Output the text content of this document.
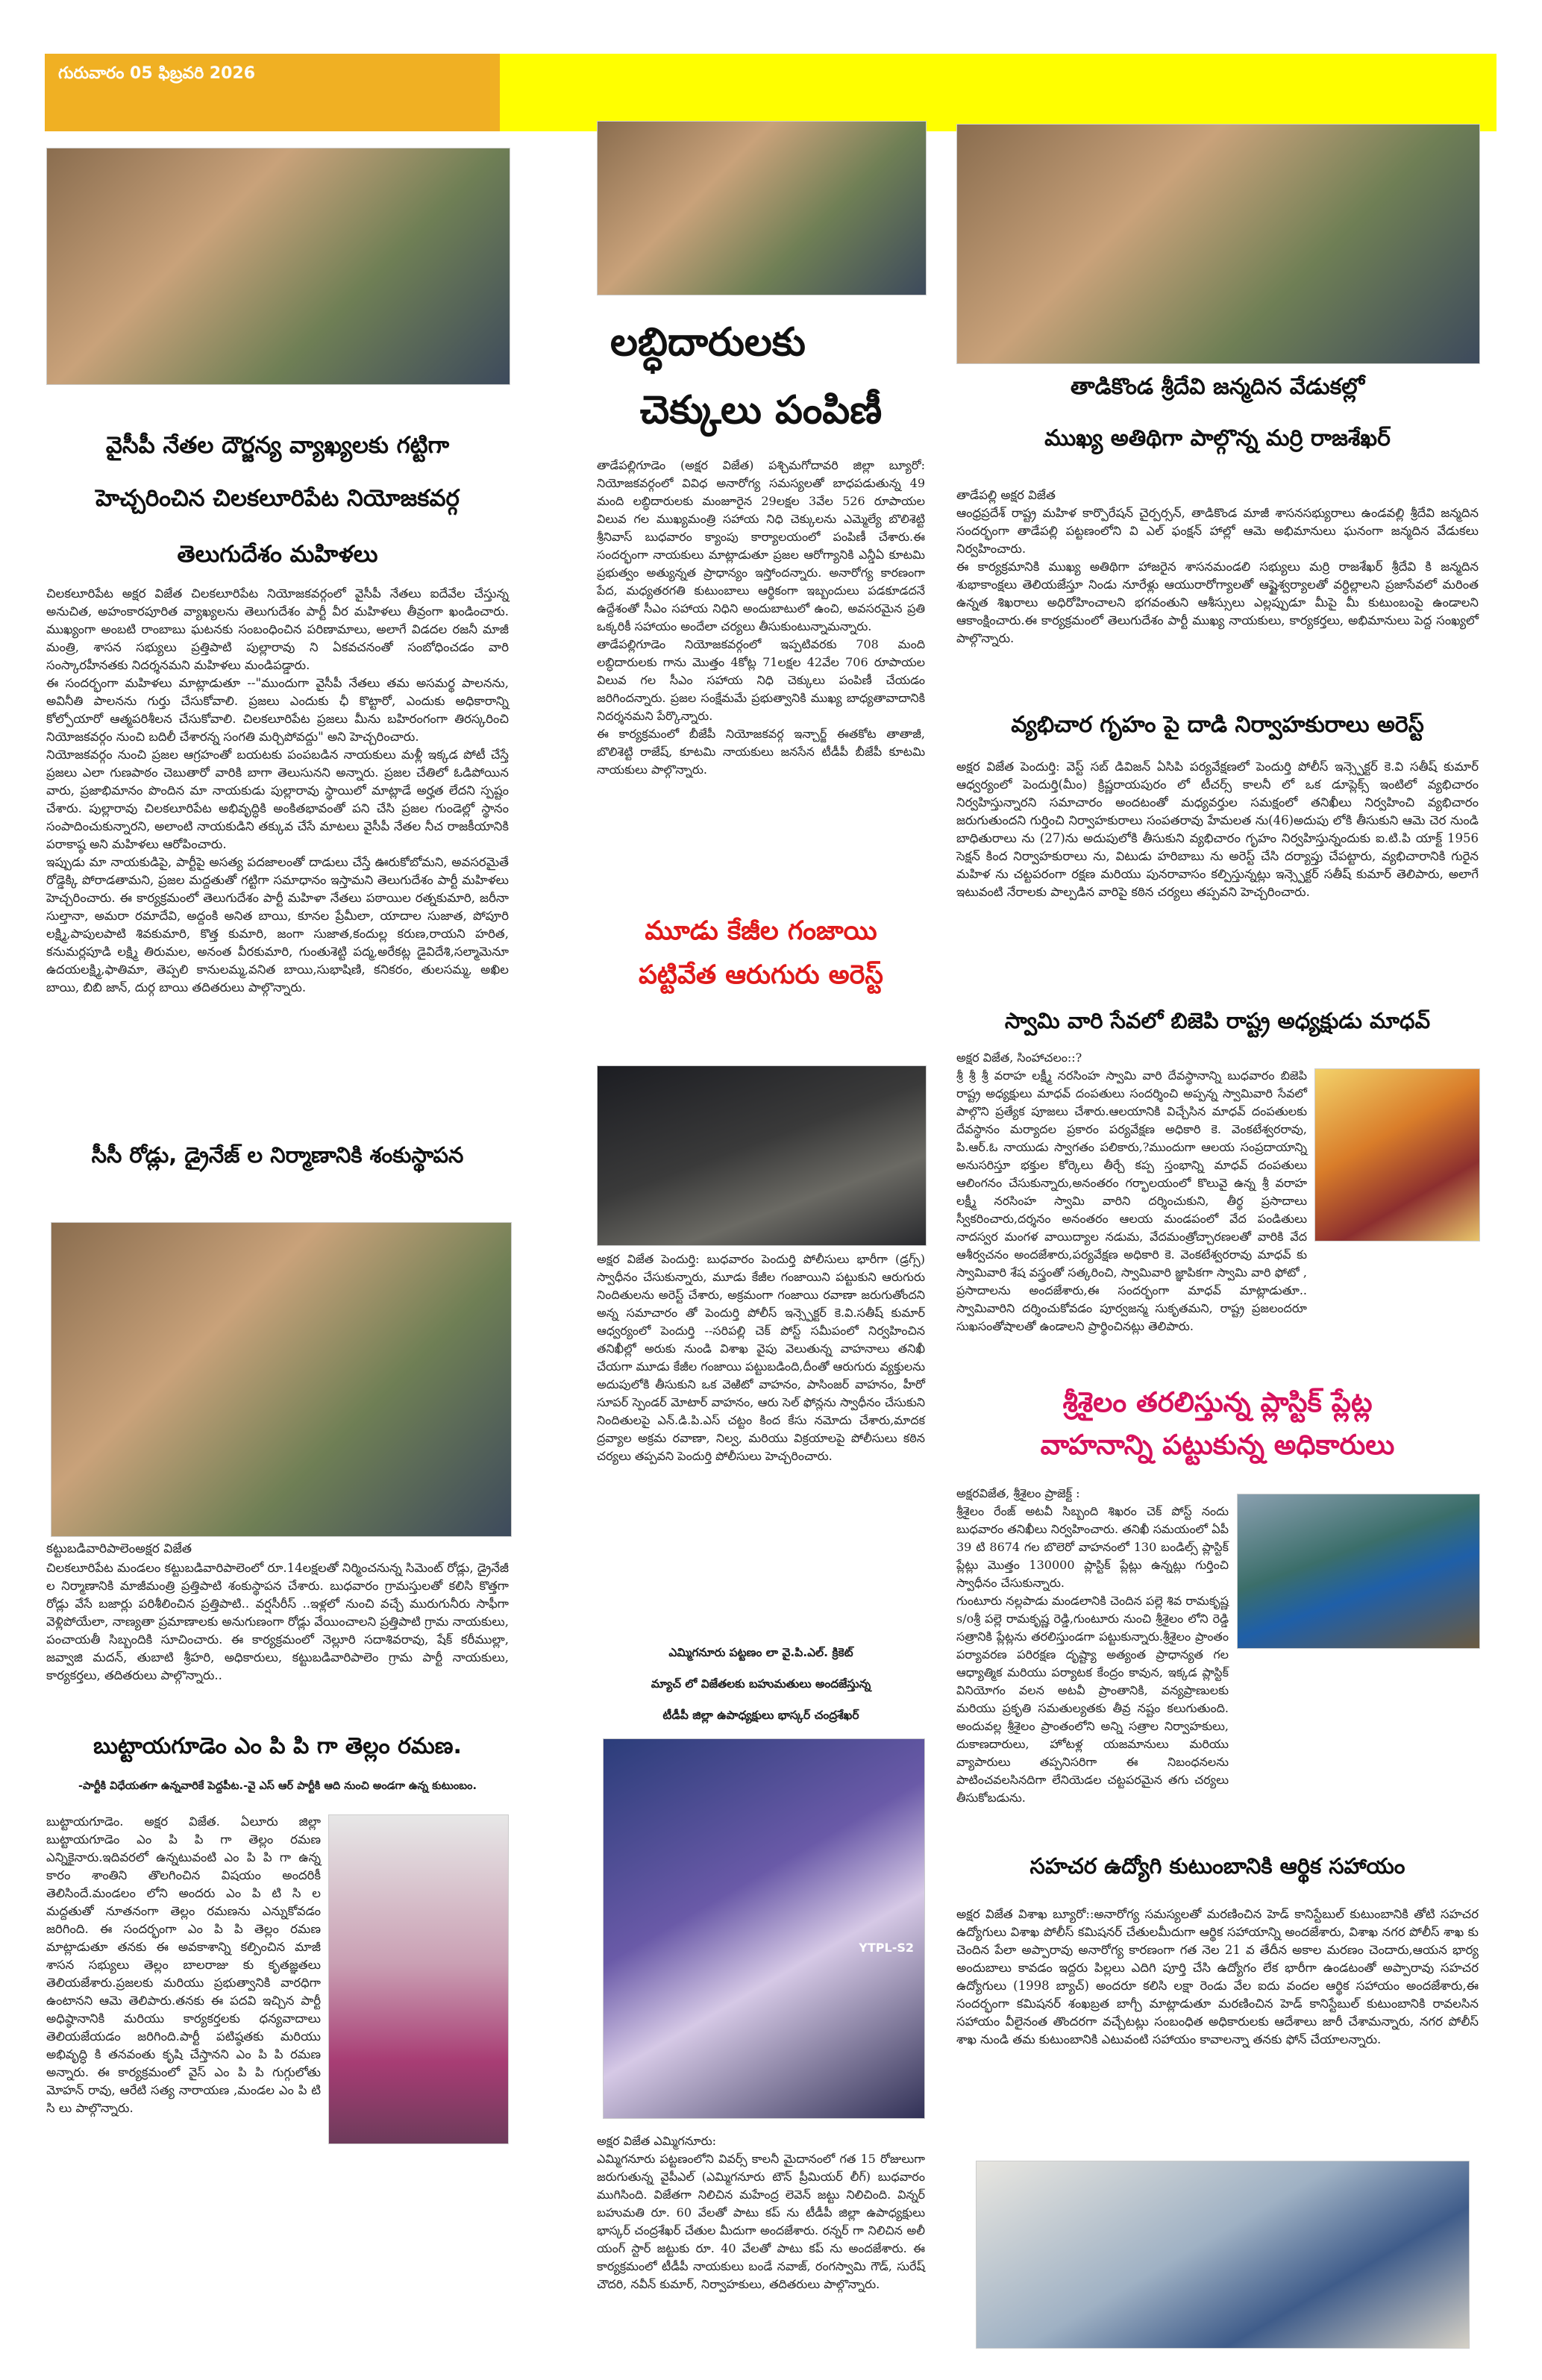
గురువారం 05 ఫిబ్రవరి 2026
వైసీపీ నేతల దౌర్జన్య వ్యాఖ్యలకు గట్టిగా
హెచ్చరించిన చిలకలూరిపేట నియోజకవర్గ
తెలుగుదేశం మహిళలు
చిలకలూరిపేట అక్షర విజేత చిలకలూరిపేట నియోజకవర్గంలో వైసీపీ నేతలు ఐదేవేల చేస్తున్న అనుచిత, అహంకారపూరిత వ్యాఖ్యలను తెలుగుదేశం పార్టీ వీర మహిళలు తీవ్రంగా ఖండించారు. ముఖ్యంగా అంబటి రాంబాబు ఘటనకు సంబంధించిన పరిణామాలు, అలాగే విడదల రజనీ మాజీ మంత్రి, శాసన సభ్యులు ప్రత్తిపాటి పుల్లారావు ని ఏకవచనంతో సంబోధించడం వారి సంస్కారహీనతకు నిదర్శనమని మహిళలు మండిపడ్డారు.
ఈ సందర్భంగా మహిళలు మాట్లాడుతూ --"ముందుగా వైసీపీ నేతలు తమ అసమర్థ పాలనను, అవినీతి పాలనను గుర్తు చేసుకోవాలి. ప్రజలు ఎందుకు ఛీ కొట్టారో, ఎందుకు అధికారాన్ని కోల్పోయారో ఆత్మపరిశీలన చేసుకోవాలి. చిలకలూరిపేట ప్రజలు మీను బహిరంగంగా తిరస్కరించి నియోజకవర్గం నుంచి బదిలీ చేశారన్న సంగతి మర్చిపోవద్దు" అని హెచ్చరించారు.
నియోజకవర్గం నుంచి ప్రజల ఆగ్రహంతో బయటకు పంపబడిన నాయకులు మళ్లీ ఇక్కడ పోటీ చేస్తే ప్రజలు ఎలా గుణపాఠం చెబుతారో వారికి బాగా తెలుసునని అన్నారు. ప్రజల చేతిలో ఓడిపోయిన వారు, ప్రజాభిమానం పొందిన మా నాయకుడు పుల్లారావు స్థాయిలో మాట్లాడే అర్హత లేదని స్పష్టం చేశారు. పుల్లారావు చిలకలూరిపేట అభివృద్ధికి అంకితభావంతో పని చేసి ప్రజల గుండెల్లో స్థానం సంపాదించుకున్నారని, అలాంటి నాయకుడిని తక్కువ చేసే మాటలు వైసీపీ నేతల నీచ రాజకీయానికి పరాకాష్ఠ అని మహిళలు ఆరోపించారు.
ఇప్పుడు మా నాయకుడిపై, పార్టీపై అసత్య పదజాలంతో దాడులు చేస్తే ఊరుకోబోమని, అవసరమైతే రోడ్డెక్కి పోరాడతామని, ప్రజల మద్దతుతో గట్టిగా సమాధానం ఇస్తామని తెలుగుదేశం పార్టీ మహిళలు హెచ్చరించారు. ఈ కార్యక్రమంలో తెలుగుదేశం పార్టీ మహిళా నేతలు పఠాయిల రత్నకుమారి, జరీనా సుల్తానా, అమరా రమాదేవి, అద్దంకి అనిత బాయి, కూనల ప్రేమీలా, యాదాల సుజాత, పోపూరి లక్ష్మి,పాపులపాటి శివకుమారి, కొత్త కుమారి, జంగా సుజాత,కందుల్ల కరుణ,రాయని హరిత, కనుమర్లపూడి లక్ష్మి తిరుమల, అనంత వీరకుమారి, గుంతుశెట్టి పద్మ,అరేకట్ల డైవిదేశి,సల్మామెనూ ఉదయలక్ష్మి,ఫాతిమా, తెప్పలి కానులమ్మ,వనిత బాయి,సుభాషిణి, కనికరం, తులసమ్మ, అఖిల బాయి, బిబి జాన్, దుర్గ బాయి తదితరులు పాల్గొన్నారు.
సీసీ రోడ్లు, డ్రైనేజ్ ల నిర్మాణానికి శంకుస్థాపన
కట్టుబడివారిపాలెంఅక్షర విజేత
చిలకలూరిపేట మండలం కట్టుబడివారిపాలెంలో రూ.14లక్షలతో నిర్మించనున్న సిమెంట్ రోడ్లు, డ్రైనేజీ ల నిర్మాణానికి మాజీమంత్రి ప్రత్తిపాటి శంకుస్థాపన చేశారు. బుధవారం గ్రామస్తులతో కలిసి కొత్తగా రోడ్లు వేసే బజార్లు పరిశీలించిన ప్రత్తిపాటి.. వర్షసీరీస్‌ ..ఇళ్లలో నుంచి వచ్చే మురుగునీరు సాఫీగా వెళ్లిపోయేలా, నాణ్యతా ప్రమాణాలకు అనుగుణంగా రోడ్లు వేయించాలని ప్రత్తిపాటి గ్రామ నాయకులు, పంచాయతీ సిబ్బందికి సూచించారు. ఈ కార్యక్రమంలో నెల్లూరి సదాశివరావు, షేక్ కరీముల్లా, జవ్వాజి మదన్, తుబాటి శ్రీహరి, అధికారులు, కట్టుబడివారిపాలెం గ్రామ పార్టీ నాయకులు, కార్యకర్తలు, తదితరులు పాల్గొన్నారు..
బుట్టాయగూడెం ఎం పి పి గా తెల్లం రమణ.
-పార్టీకి విధేయతగా ఉన్నవారికే పెద్దపీట.-వై ఎస్ ఆర్ పార్టీకి ఆది నుంచి అండగా ఉన్న కుటుంబం.
బుట్టాయగూడెం. అక్షర విజేత. ఏలూరు జిల్లా బుట్టాయగూడెం ఎం పి పి గా తెల్లం రమణ ఎన్నికైనారు.ఇదివరలో ఉన్నటువంటి ఎం పి పి గా ఉన్న కారం శాంతిని తొలగించిన విషయం అందరికీ తెలిసిందే.మండలం లోని అందరు ఎం పి టి సి ల మద్దతుతో నూతనంగా తెల్లం రమణను ఎన్నుకోవడం జరిగింది. ఈ సందర్భంగా ఎం పి పి తెల్లం రమణ మాట్లాడుతూ తనకు ఈ అవకాశాన్ని కల్పించిన మాజీ శాసన సభ్యులు తెల్లం బాలరాజు కు కృతజ్ఞతలు తెలియజేశారు.ప్రజలకు మరియు ప్రభుత్వానికి వారధిగా ఉంటానని ఆమె తెలిపారు.తనకు ఈ పదవి ఇచ్చిన పార్టీ అధిష్ఠానానికి మరియు కార్యకర్తలకు ధన్యవాదాలు తెలియజేయడం జరిగింది.పార్టీ పటిష్ఠతకు మరియు అభివృద్ధి కి తనవంతు కృషి చేస్తానని ఎం పి పి రమణ అన్నారు. ఈ కార్యక్రమంలో వైస్ ఎం పి పి గుగ్గులోతు మోహన్ రావు, ఆరేటి సత్య నారాయణ ,మండల ఎం పి టి సి లు పాల్గొన్నారు.
లబ్ధిదారులకు
చెక్కులు పంపిణీ
తాడేపల్లిగూడెం (అక్షర విజేత) పశ్చిమగోదావరి జిల్లా బ్యూరో: నియోజకవర్గంలో వివిధ అనారోగ్య సమస్యలతో బాధపడుతున్న 49 మంది లబ్ధిదారులకు మంజూరైన 29లక్షల 3వేల 526 రూపాయల విలువ గల ముఖ్యమంత్రి సహాయ నిధి చెక్కులను ఎమ్మెల్యే బొలిశెట్టి శ్రీనివాస్ బుధవారం క్యాంపు కార్యాలయంలో పంపిణీ చేశారు.ఈ సందర్భంగా నాయకులు మాట్లాడుతూ ప్రజల ఆరోగ్యానికి ఎన్డీఏ కూటమి ప్రభుత్వం అత్యున్నత ప్రాధాన్యం ఇస్తోందన్నారు. అనారోగ్య కారణంగా పేద, మధ్యతరగతి కుటుంబాలు ఆర్థికంగా ఇబ్బందులు పడకూడదనే ఉద్దేశంతో సీఎం సహాయ నిధిని అందుబాటులో ఉంచి, అవసరమైన ప్రతి ఒక్కరికీ సహాయం అందేలా చర్యలు తీసుకుంటున్నామన్నారు.
తాడేపల్లిగూడెం నియోజకవర్గంలో ఇప్పటివరకు 708 మంది లబ్ధిదారులకు గాను మొత్తం 4కోట్ల 71లక్షల 42వేల 706 రూపాయల విలువ గల సీఎం సహాయ నిధి చెక్కులు పంపిణీ చేయడం జరిగిందన్నారు. ప్రజల సంక్షేమమే ప్రభుత్వానికి ముఖ్య బాధ్యతావాదానికి నిదర్శనమని పేర్కొన్నారు.
ఈ కార్యక్రమంలో బీజేపీ నియోజకవర్గ ఇన్చార్జ్ ఈతకోట తాతాజీ, బొలిశెట్టి రాజేష్, కూటమి నాయకులు జనసేన టీడీపీ బీజేపీ కూటమి నాయకులు పాల్గొన్నారు.
మూడు కేజీల గంజాయి
పట్టివేత ఆరుగురు అరెస్ట్
అక్షర విజేత పెందుర్తి: బుధవారం పెందుర్తి పోలీసులు భారీగా (డ్రగ్స్) స్వాధీనం చేసుకున్నారు, మూడు కేజీల గంజాయిని పట్టుకుని ఆరుగురు నిందితులను అరెస్ట్ చేశారు, అక్రమంగా గంజాయి రవాణా జరుగుతోందని అన్న సమాచారం తో పెందుర్తి పోలీస్ ఇన్స్పెక్టర్ కె.వి.సతీష్ కుమార్ ఆధ్వర్యంలో పెందుర్తి --సరిపల్లి చెక్ పోస్ట్ సమీపంలో నిర్వహించిన తనిఖీల్లో అరుకు నుండి విశాఖ వైపు వెలుతున్న వాహనాలు తనిఖీ చేయగా మూడు కేజీల గంజాయి పట్టుబడింది,దీంతో ఆరుగురు వ్యక్తులను అదుపులోకి తీసుకుని ఒక వెఱిటో వాహనం, పాసింజర్ వాహనం, హీరో సూపర్ స్పెండర్ మోటార్ వాహనం, ఆరు సెల్ ఫోన్లను స్వాధీనం చేసుకుని నిందితులపై ఎన్.డి.పి.ఎస్ చట్టం కింద కేసు నమోదు చేశారు,మాదక ద్రవ్యాల అక్రమ రవాణా, నిల్వ, మరియు విక్రయాలపై పోలీసులు కఠిన చర్యలు తప్పవని పెందుర్తి పోలీసులు హెచ్చరించారు.
ఎమ్మిగనూరు పట్టణం లా వై.పి.ఎల్. క్రికెట్
మ్యాచ్ లో విజేతలకు బహుమతులు అందజేస్తున్న
టీడీపీ జిల్లా ఉపాధ్యక్షులు భాస్కర్ చంద్రశేఖర్
YTPL-S2
అక్షర విజేత ఎమ్మిగనూరు:
ఎమ్మిగనూరు పట్టణంలోని వివర్స్ కాలనీ మైదానంలో గత 15 రోజులుగా జరుగుతున్న వైపీఎల్ (ఎమ్మిగనూరు టౌన్ ప్రీమియర్ లీగ్) బుధవారం ముగిసింది. విజేతగా నిలిచిన మహేంద్ర లెవెన్ జట్టు నిలిచింది. విన్నర్ బహుమతి రూ. 60 వేలతో పాటు కప్ ను టీడీపీ జిల్లా ఉపాధ్యక్షులు భాస్కర్ చంద్రశేఖర్ చేతుల మీదుగా అందజేశారు. రన్నర్ గా నిలిచిన అలీ యంగ్ స్టార్ జట్టుకు రూ. 40 వేలతో పాటు కప్ ను అందజేశారు. ఈ కార్యక్రమంలో టీడీపీ నాయకులు బండే నవాజ్, రంగస్వామి గౌడ్, సురేష్ చౌదరి, నవీన్ కుమార్, నిర్వాహకులు, తదితరులు పాల్గొన్నారు.
తాడికొండ శ్రీదేవి జన్మదిన వేడుకల్లో
ముఖ్య అతిథిగా పాల్గొన్న మర్రి రాజశేఖర్
తాడేపల్లి అక్షర విజేత
ఆంధ్రప్రదేశ్ రాష్ట్ర మహిళ కార్పొరేషన్ చైర్పర్సన్, తాడికొండ మాజీ శాసనసభ్యురాలు ఉండవల్లి శ్రీదేవి జన్మదిన సందర్భంగా తాడేపల్లి పట్టణంలోని వి ఎల్ ఫంక్షన్ హాల్లో ఆమె అభిమానులు ఘనంగా జన్మదిన వేడుకలు నిర్వహించారు.
ఈ కార్యక్రమానికి ముఖ్య అతిథిగా హాజరైన శాసనమండలి సభ్యులు మర్రి రాజశేఖర్ శ్రీదేవి కి జన్మదిన శుభాకాంక్షలు తెలియజేస్తూ నిండు నూరేళ్లు ఆయురారోగ్యాలతో ఆష్టైశ్వర్యాలతో వర్ధిల్లాలని ప్రజాసేవలో మరింత ఉన్నత శిఖరాలు అధిరోహించాలని భగవంతుని ఆశీస్సులు ఎల్లప్పుడూ మీపై మీ కుటుంబంపై ఉండాలని ఆకాంక్షించారు.ఈ కార్యక్రమంలో తెలుగుదేశం పార్టీ ముఖ్య నాయకులు, కార్యకర్తలు, అభిమానులు పెద్ద సంఖ్యలో పాల్గొన్నారు.
వ్యభిచార గృహం పై దాడి నిర్వాహకురాలు అరెస్ట్
అక్షర విజేత పెందుర్తి: వెస్ట్ సబ్ డివిజన్ ఏసిపి పర్యవేక్షణలో పెందుర్తి పోలీస్ ఇన్స్పెక్టర్ కె.వి సతీష్ కుమార్ ఆధ్వర్యంలో పెందుర్తి(మీం) క్రిష్ణరాయపురం లో టీచర్స్ కాలనీ లో ఒక డూప్లెక్స్ ఇంటిలో వ్యభిచారం నిర్వహిస్తున్నారని సమాచారం అందటంతో మధ్యవర్తుల సమక్షంలో తనిఖీలు నిర్వహించి వ్యభిచారం జరుగుతుందని గుర్తించి నిర్వాహకురాలు సంపతరావు హేమలత ను(46)అదుపు లోకి తీసుకుని ఆమె చెర నుండి బాధితురాలు ను (27)ను అదుపులోకి తీసుకుని వ్యభిచారం గృహం నిర్వహిస్తున్నందుకు ఐ.టి.పి యాక్ట్ 1956 సెక్షన్ కింద నిర్వాహకురాలు ను, విటుడు హరిబాబు ను అరెస్ట్ చేసి దర్యాప్తు చేపట్టారు, వ్యభిచారానికి గురైన మహిళ ను చట్టపరంగా రక్షణ మరియు పునరావాసం కల్పిస్తున్నట్లు ఇన్స్పెక్టర్ సతీష్ కుమార్ తెలిపారు, అలాగే ఇటువంటి నేరాలకు పాల్పడిన వారిపై కఠిన చర్యలు తప్పవని హెచ్చరించారు.
స్వామి వారి సేవలో బిజెపి రాష్ట్ర అధ్యక్షుడు మాధవ్
అక్షర విజేత, సింహాచలం::?
శ్రీ శ్రీ శ్రీ వరాహ లక్ష్మీ నరసింహ స్వామి వారి దేవస్థానాన్ని బుధవారం బిజెపి రాష్ట్ర అధ్యక్షులు మాధవ్ దంపతులు సందర్శించి అప్పన్న స్వామివారి సేవలో పాల్గొని ప్రత్యేక పూజలు చేశారు.ఆలయానికి విచ్చేసిన మాధవ్ దంపతులకు దేవస్థానం మర్యాదల ప్రకారం పర్యవేక్షణ అధికారి కె. వెంకటేశ్వరరావు, పి.ఆర్.ఓ నాయుడు స్వాగతం పలికారు,?ముందుగా ఆలయ సంప్రదాయాన్ని అనుసరిస్తూ భక్తుల కోర్కెలు తీర్చే కప్ప స్తంభాన్ని మాధవ్ దంపతులు ఆలింగనం చేసుకున్నారు,అనంతరం గర్భాలయంలో కొలువై ఉన్న శ్రీ వరాహ లక్ష్మీ నరసింహ స్వామి వారిని దర్శించుకుని, తీర్థ ప్రసాదాలు స్వీకరించారు,దర్శనం అనంతరం ఆలయ మండపంలో వేద పండితులు నాదస్వర మంగళ వాయిద్యాల నడుమ, వేదమంత్రోచ్చారణలతో వారికి వేద ఆశీర్వచనం అందజేశారు,పర్యవేక్షణ అధికారి కె. వెంకటేశ్వరరావు మాధవ్ కు స్వామివారి శేష వస్త్రంతో సత్కరించి, స్వామివారి జ్ఞాపికగా స్వామి వారి ఫోటో , ప్రసాదాలను అందజేశారు,ఈ సందర్భంగా మాధవ్ మాట్లాడుతూ.. స్వామివారిని దర్శించుకోవడం పూర్వజన్మ సుకృతమని, రాష్ట్ర ప్రజలందరూ సుఖసంతోషాలతో ఉండాలని ప్రార్థించినట్లు తెలిపారు.
శ్రీశైలం తరలిస్తున్న ప్లాస్టిక్ ప్లేట్ల
వాహనాన్ని పట్టుకున్న అధికారులు
అక్షరవిజేత, శ్రీశైలం ప్రాజెక్ట్ :
శ్రీశైలం రేంజ్ అటవీ సిబ్బంది శిఖరం చెక్ పోస్ట్ నందు బుధవారం తనిఖీలు నిర్వహించారు. తనిఖీ సమయంలో ఏపీ 39 టి 8674 గల బొలెరో వాహనంలో 130 బండిల్స్ ప్లాస్టిక్ ప్లేట్లు మొత్తం 130000 ప్లాస్టిక్ ప్లేట్లు ఉన్నట్లు గుర్తించి స్వాధీనం చేసుకున్నారు.
గుంటూరు నల్లపాడు మండలానికి చెందిన పల్లె శివ రామకృష్ణ s/oశ్రీ పల్లె రామకృష్ణ రెడ్డి,గుంటూరు నుంచి శ్రీశైలం లోని రెడ్డి సత్రానికి ప్లేట్లను తరలిస్తుండగా పట్టుకున్నారు.శ్రీశైలం ప్రాంతం పర్యావరణ పరిరక్షణ దృష్ట్యా అత్యంత ప్రాధాన్యత గల ఆధ్యాత్మిక మరియు పర్యాటక కేంద్రం కావున, ఇక్కడ ప్లాస్టిక్ వినియోగం వలన అటవీ ప్రాంతానికి, వన్యప్రాణులకు మరియు ప్రకృతి సమతుల్యతకు తీవ్ర నష్టం కలుగుతుంది. అందువల్ల శ్రీశైలం ప్రాంతంలోని అన్ని సత్రాల నిర్వాహకులు, దుకాణదారులు, హోటళ్ల యజమానులు మరియు వ్యాపారులు తప్పనిసరిగా ఈ నిబంధనలను పాటించవలసినదిగా లేనియెడల చట్టపరమైన తగు చర్యలు తీసుకోబడును.
సహచర ఉద్యోగి కుటుంబానికి ఆర్థిక సహాయం
అక్షర విజేత విశాఖ బ్యూరో::అనారోగ్య సమస్యలతో మరణించిన హెడ్ కానిస్టేబుల్ కుటుంబానికి తోటి సహచర ఉద్యోగులు విశాఖ పోలీస్ కమిషనర్ చేతులమీదుగా ఆర్థిక సహాయాన్ని అందజేశారు, విశాఖ నగర పోలీస్ శాఖ కు చెందిన పేలా అప్పారావు అనారోగ్య కారణంగా గత నెల 21 వ తేదీన అకాల మరణం చెందారు,ఆయన భార్య అందుబాలు కావడం ఇద్దరు పిల్లలు ఎదిగి పూర్తి చేసి ఉద్యోగం లేక భారీగా ఉండటంతో అప్పారావు సహచర ఉద్యోగులు (1998 బ్యాచ్) అందరూ కలిసి లక్షా రెండు వేల ఐదు వందల ఆర్థిక సహాయం అందజేశారు,ఈ సందర్భంగా కమిషనర్ శంఖబ్రత బాగ్చీ మాట్లాడుతూ మరణించిన హెడ్ కానిస్టేబుల్ కుటుంబానికి రావలసిన సహాయం వీలైనంత తొందరగా వచ్చేటట్లు సంబంధిత అధికారులకు ఆదేశాలు జారీ చేశామన్నారు, నగర పోలీస్ శాఖ నుండి తమ కుటుంబానికి ఎటువంటి సహాయం కావాలన్నా తనకు ఫోన్ చేయాలన్నారు.
